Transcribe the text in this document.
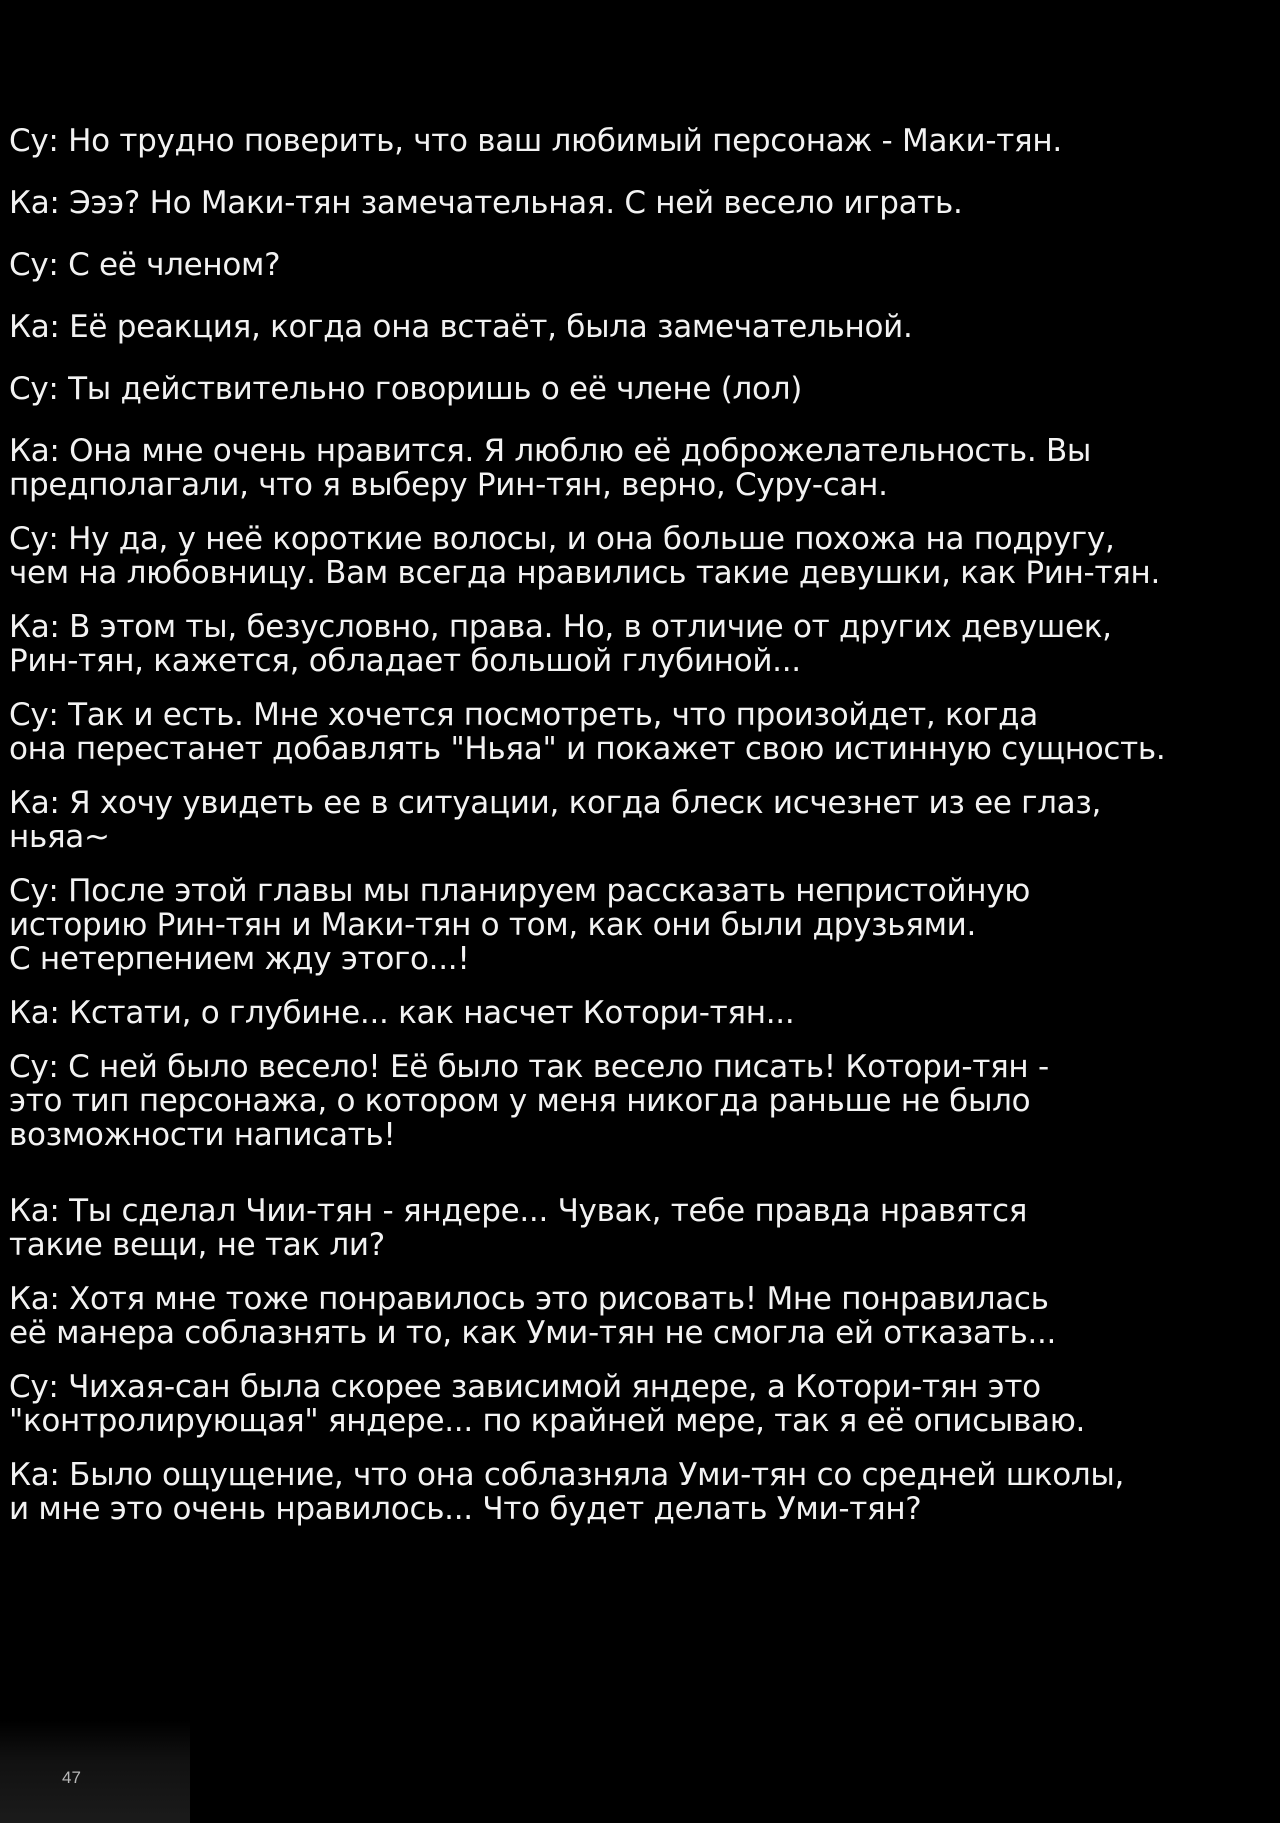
Су: Но трудно поверить, что ваш любимый персонаж - Маки-тян.

Ка: Эээ? Но Маки-тян замечательная. С ней весело играть.

Су: С её членом?

Ка: Её реакция, когда она встаёт, была замечательной.

Су: Ты действительно говоришь о её члене (лол)

Ка: Она мне очень нравится. Я люблю её доброжелательность. Вы
предполагали, что я выберу Рин-тян, верно, Суру-сан.

Су: Ну да, у неё короткие волосы, и она больше похожа на подругу,
чем на любовницу. Вам всегда нравились такие девушки, как Рин-тян.

Ка: В этом ты, безусловно, права. Но, в отличие от других девушек,
Рин-тян, кажется, обладает большой глубиной...

Су: Так и есть. Мне хочется посмотреть, что произойдет, когда
она перестанет добавлять "Ньяа" и покажет свою истинную сущность.

Ка: Я хочу увидеть ее в ситуации, когда блеск исчезнет из ее глаз,
ньяа~

Су: После этой главы мы планируем рассказать непристойную
историю Рин-тян и Маки-тян о том, как они были друзьями.
С нетерпением жду этого...!

Ка: Кстати, о глубине... как насчет Котори-тян...

Су: С ней было весело! Её было так весело писать! Котори-тян -
это тип персонажа, о котором у меня никогда раньше не было
возможности написать!

Ка: Ты сделал Чии-тян - яндере... Чувак, тебе правда нравятся
такие вещи, не так ли?

Ка: Хотя мне тоже понравилось это рисовать! Мне понравилась
её манера соблазнять и то, как Уми-тян не смогла ей отказать...

Су: Чихая-сан была скорее зависимой яндере, а Котори-тян это
"контролирующая" яндере... по крайней мере, так я её описываю.

Ка: Было ощущение, что она соблазняла Уми-тян со средней школы,
и мне это очень нравилось... Что будет делать Уми-тян?

47
